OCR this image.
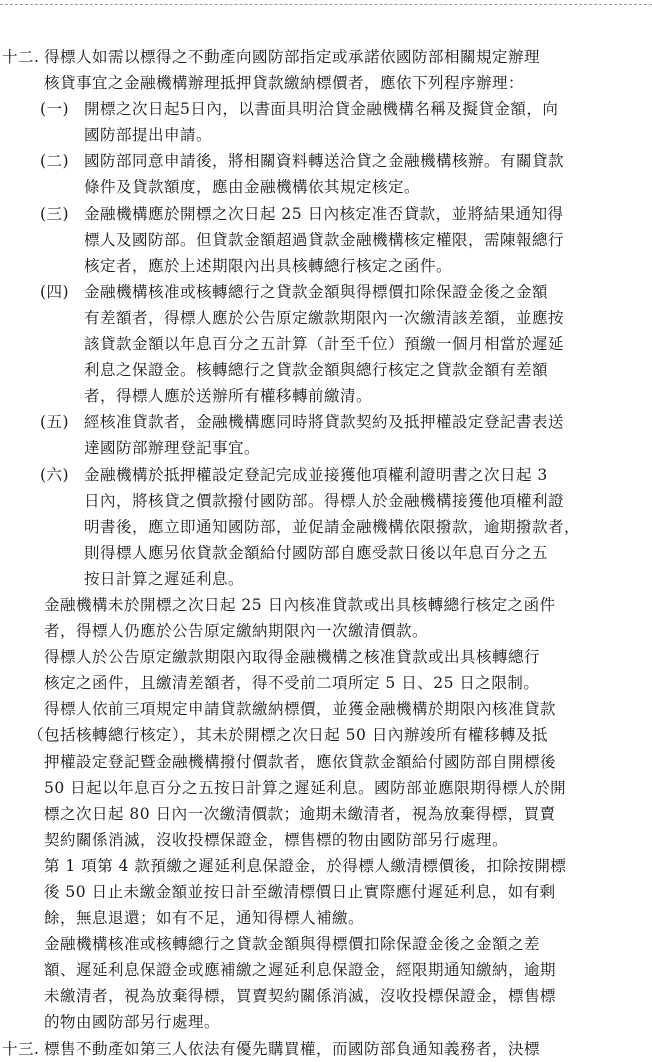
十二. 得標人如需以標得之不動產向國防部指定或承諾依國防部相關規定辦理
核貸事宜之金融機構辦理抵押貸款繳納標價者，應依下列程序辦理：
(一) 開標之次日起5日內，以書面具明洽貸金融機構名稱及擬貸金額，向
國防部提出申請。
(二) 國防部同意申請後，將相關資料轉送洽貸之金融機構核辦。有關貸款
條件及貸款額度，應由金融機構依其規定核定。
(三) 金融機構應於開標之次日起 25 日內核定准否貸款，並將結果通知得
標人及國防部。但貸款金額超過貸款金融機構核定權限，需陳報總行
核定者，應於上述期限內出具核轉總行核定之函件。
(四) 金融機構核准或核轉總行之貸款金額與得標價扣除保證金後之金額
有差額者，得標人應於公告原定繳款期限內一次繳清該差額，並應按
該貸款金額以年息百分之五計算（計至千位）預繳一個月相當於遲延
利息之保證金。核轉總行之貸款金額與總行核定之貸款金額有差額
者，得標人應於送辦所有權移轉前繳清。
(五) 經核准貸款者，金融機構應同時將貸款契約及抵押權設定登記書表送
達國防部辦理登記事宜。
(六) 金融機構於抵押權設定登記完成並接獲他項權利證明書之次日起 3
日內，將核貸之價款撥付國防部。得標人於金融機構接獲他項權利證
明書後，應立即通知國防部，並促請金融機構依限撥款，逾期撥款者，
則得標人應另依貸款金額給付國防部自應受款日後以年息百分之五
按日計算之遲延利息。
金融機構未於開標之次日起 25 日內核准貸款或出具核轉總行核定之函件
者，得標人仍應於公告原定繳納期限內一次繳清價款。
得標人於公告原定繳款期限內取得金融機構之核准貸款或出具核轉總行
核定之函件，且繳清差額者，得不受前二項所定 5 日、25 日之限制。
得標人依前三項規定申請貸款繳納標價，並獲金融機構於期限內核准貸款
（包括核轉總行核定），其未於開標之次日起 50 日內辦竣所有權移轉及抵
押權設定登記暨金融機構撥付價款者，應依貸款金額給付國防部自開標後
50 日起以年息百分之五按日計算之遲延利息。國防部並應限期得標人於開
標之次日起 80 日內一次繳清價款；逾期未繳清者，視為放棄得標，買賣
契約關係消滅，沒收投標保證金，標售標的物由國防部另行處理。
第 1 項第 4 款預繳之遲延利息保證金，於得標人繳清標價後，扣除按開標
後 50 日止未繳金額並按日計至繳清標價日止實際應付遲延利息，如有剩
餘，無息退還；如有不足，通知得標人補繳。
金融機構核准或核轉總行之貸款金額與得標價扣除保證金後之金額之差
額、遲延利息保證金或應補繳之遲延利息保證金，經限期通知繳納，逾期
未繳清者，視為放棄得標，買賣契約關係消滅，沒收投標保證金，標售標
的物由國防部另行處理。
十三. 標售不動產如第三人依法有優先購買權，而國防部負通知義務者，決標
